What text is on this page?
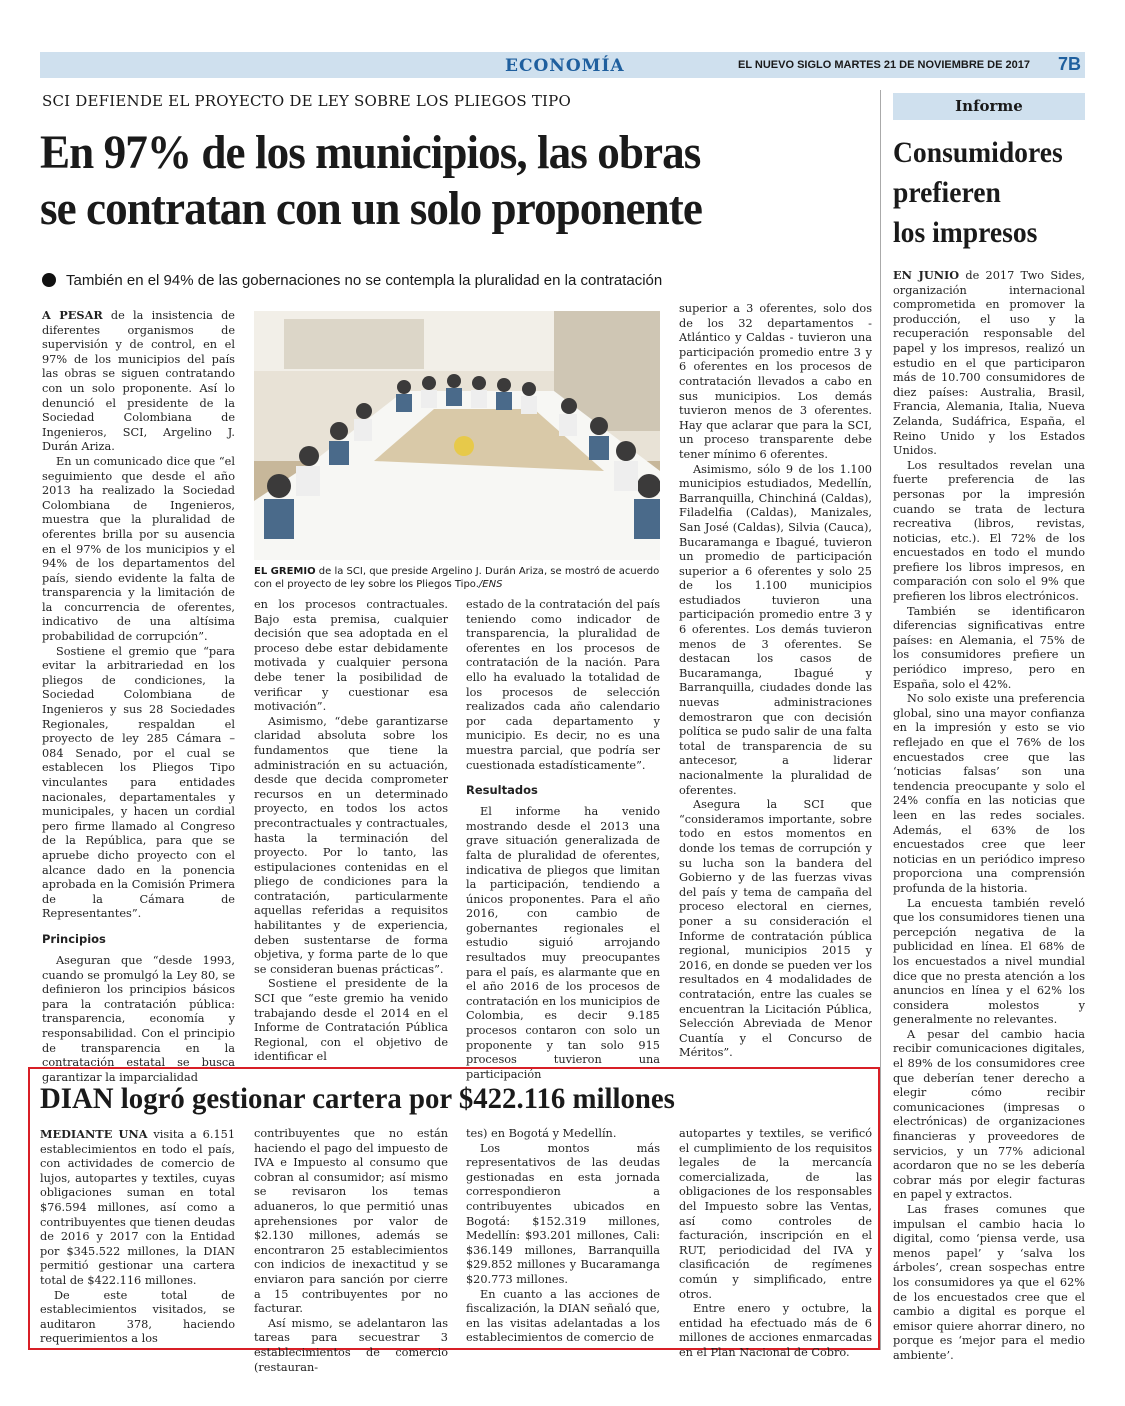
ECONOMÍA	EL NUEVO SIGLO MARTES 21 DE NOVIEMBRE DE 2017 7B
SCI DEFIENDE EL PROYECTO DE LEY SOBRE LOS PLIEGOS TIPO
En 97% de los municipios, las obras
se contratan con un solo proponente
También en el 94% de las gobernaciones no se contempla la pluralidad en la contratación

A PESAR de la insistencia de diferentes organismos de supervisión y de control, en el 97% de los municipios del país las obras se siguen contratando con un solo proponente. Así lo denunció el presidente de la Sociedad Colombiana de Ingenieros, SCI, Argelino J. Durán Ariza.

En un comunicado dice que “el seguimiento que desde el año 2013 ha realizado la Sociedad Colombiana de Ingenieros, muestra que la pluralidad de oferentes brilla por su ausencia en el 97% de los municipios y el 94% de los departamentos del país, siendo evidente la falta de transparencia y la limitación de la concurrencia de oferentes, indicativo de una altísima probabilidad de corrupción”.

Sostiene el gremio que “para evitar la arbitrariedad en los pliegos de condiciones, la Sociedad Colombiana de Ingenieros y sus 28 Sociedades Regionales, respaldan el proyecto de ley 285 Cámara – 084 Senado, por el cual se establecen los Pliegos Tipo vinculantes para entidades nacionales, departamentales y municipales, y hacen un cordial pero firme llamado al Congreso de la República, para que se apruebe dicho proyecto con el alcance dado en la ponencia aprobada en la Comisión Primera de la Cámara de Representantes”.

Principios

Aseguran que “desde 1993, cuando se promulgó la Ley 80, se definieron los principios básicos para la contratación pública: transparencia, economía y responsabilidad. Con el principio de transparencia en la contratación estatal se busca garantizar la imparcialidad

EL GREMIO de la SCI, que preside Argelino J. Durán Ariza, se mostró de acuerdo con el proyecto de ley sobre los Pliegos Tipo./ENS

en los procesos contractuales. Bajo esta premisa, cualquier decisión que sea adoptada en el proceso debe estar debidamente motivada y cualquier persona debe tener la posibilidad de verificar y cuestionar esa motivación”.

Asimismo, “debe garantizarse claridad absoluta sobre los fundamentos que tiene la administración en su actuación, desde que decida comprometer recursos en un determinado proyecto, en todos los actos precontractuales y contractuales, hasta la terminación del proyecto. Por lo tanto, las estipulaciones contenidas en el pliego de condiciones para la contratación, particularmente aquellas referidas a requisitos habilitantes y de experiencia, deben sustentarse de forma objetiva, y forma parte de lo que se consideran buenas prácticas”.

Sostiene el presidente de la SCI que “este gremio ha venido trabajando desde el 2014 en el Informe de Contratación Pública Regional, con el objetivo de identificar el

estado de la contratación del país teniendo como indicador de transparencia, la pluralidad de oferentes en los procesos de contratación de la nación. Para ello ha evaluado la totalidad de los procesos de selección realizados cada año calendario por cada departamento y municipio. Es decir, no es una muestra parcial, que podría ser cuestionada estadísticamente”.

Resultados

El informe ha venido mostrando desde el 2013 una grave situación generalizada de falta de pluralidad de oferentes, indicativa de pliegos que limitan la participación, tendiendo a únicos proponentes. Para el año 2016, con cambio de gobernantes regionales el estudio siguió arrojando resultados muy preocupantes para el país, es alarmante que en el año 2016 de los procesos de contratación en los municipios de Colombia, es decir 9.185 procesos contaron con solo un proponente y tan solo 915 procesos tuvieron una participación

superior a 3 oferentes, solo dos de los 32 departamentos - Atlántico y Caldas - tuvieron una participación promedio entre 3 y 6 oferentes en los procesos de contratación llevados a cabo en sus municipios. Los demás tuvieron menos de 3 oferentes. Hay que aclarar que para la SCI, un proceso transparente debe tener mínimo 6 oferentes.

Asimismo, sólo 9 de los 1.100 municipios estudiados, Medellín, Barranquilla, Chinchiná (Caldas), Filadelfia (Caldas), Manizales, San José (Caldas), Silvia (Cauca), Bucaramanga e Ibagué, tuvieron un promedio de participación superior a 6 oferentes y solo 25 de los 1.100 municipios estudiados tuvieron una participación promedio entre 3 y 6 oferentes. Los demás tuvieron menos de 3 oferentes. Se destacan los casos de Bucaramanga, Ibagué y Barranquilla, ciudades donde las nuevas administraciones demostraron que con decisión política se pudo salir de una falta total de transparencia de su antecesor, a liderar nacionalmente la pluralidad de oferentes.

Asegura la SCI que “consideramos importante, sobre todo en estos momentos en donde los temas de corrupción y su lucha son la bandera del Gobierno y de las fuerzas vivas del país y tema de campaña del proceso electoral en ciernes, poner a su consideración el Informe de contratación pública regional, municipios 2015 y 2016, en donde se pueden ver los resultados en 4 modalidades de contratación, entre las cuales se encuentran la Licitación Pública, Selección Abreviada de Menor Cuantía y el Concurso de Méritos”.

Informe
Consumidores
prefieren
los impresos

EN JUNIO de 2017 Two Sides, organización internacional comprometida en promover la producción, el uso y la recuperación responsable del papel y los impresos, realizó un estudio en el que participaron más de 10.700 consumidores de diez países: Australia, Brasil, Francia, Alemania, Italia, Nueva Zelanda, Sudáfrica, España, el Reino Unido y los Estados Unidos.

Los resultados revelan una fuerte preferencia de las personas por la impresión cuando se trata de lectura recreativa (libros, revistas, noticias, etc.). El 72% de los encuestados en todo el mundo prefiere los libros impresos, en comparación con solo el 9% que prefieren los libros electrónicos.

También se identificaron diferencias significativas entre países: en Alemania, el 75% de los consumidores prefiere un periódico impreso, pero en España, solo el 42%.

No solo existe una preferencia global, sino una mayor confianza en la impresión y esto se vio reflejado en que el 76% de los encuestados cree que las ‘noticias falsas’ son una tendencia preocupante y solo el 24% confía en las noticias que leen en las redes sociales. Además, el 63% de los encuestados cree que leer noticias en un periódico impreso proporciona una comprensión profunda de la historia.

La encuesta también reveló que los consumidores tienen una percepción negativa de la publicidad en línea. El 68% de los encuestados a nivel mundial dice que no presta atención a los anuncios en línea y el 62% los considera molestos y generalmente no relevantes.

A pesar del cambio hacia recibir comunicaciones digitales, el 89% de los consumidores cree que deberían tener derecho a elegir cómo recibir comunicaciones (impresas o electrónicas) de organizaciones financieras y proveedores de servicios, y un 77% adicional acordaron que no se les debería cobrar más por elegir facturas en papel y extractos.

Las frases comunes que impulsan el cambio hacia lo digital, como ‘piensa verde, usa menos papel’ y ‘salva los árboles’, crean sospechas entre los consumidores ya que el 62% de los encuestados cree que el cambio a digital es porque el emisor quiere ahorrar dinero, no porque es ‘mejor para el medio ambiente’.

DIAN logró gestionar cartera por $422.116 millones

MEDIANTE UNA visita a 6.151 establecimientos en todo el país, con actividades de comercio de lujos, autopartes y textiles, cuyas obligaciones suman en total $76.594 millones, así como a contribuyentes que tienen deudas de 2016 y 2017 con la Entidad por $345.522 millones, la DIAN permitió gestionar una cartera total de $422.116 millones.

De este total de establecimientos visitados, se auditaron 378, haciendo requerimientos a los

contribuyentes que no están haciendo el pago del impuesto de IVA e Impuesto al consumo que cobran al consumidor; así mismo se revisaron los temas aduaneros, lo que permitió unas aprehensiones por valor de $2.130 millones, además se encontraron 25 establecimientos con indicios de inexactitud y se enviaron para sanción por cierre a 15 contribuyentes por no facturar.

Así mismo, se adelantaron las tareas para secuestrar 3 establecimientos de comercio (restauran-

tes) en Bogotá y Medellín.

Los montos más representativos de las deudas gestionadas en esta jornada correspondieron a contribuyentes ubicados en Bogotá: $152.319 millones, Medellín: $93.201 millones, Cali: $36.149 millones, Barranquilla $29.852 millones y Bucaramanga $20.773 millones.

En cuanto a las acciones de fiscalización, la DIAN señaló que, en las visitas adelantadas a los establecimientos de comercio de

autopartes y textiles, se verificó el cumplimiento de los requisitos legales de la mercancía comercializada, de las obligaciones de los responsables del Impuesto sobre las Ventas, así como controles de facturación, inscripción en el RUT, periodicidad del IVA y clasificación de regímenes común y simplificado, entre otros.

Entre enero y octubre, la entidad ha efectuado más de 6 millones de acciones enmarcadas en el Plan Nacional de Cobro.
